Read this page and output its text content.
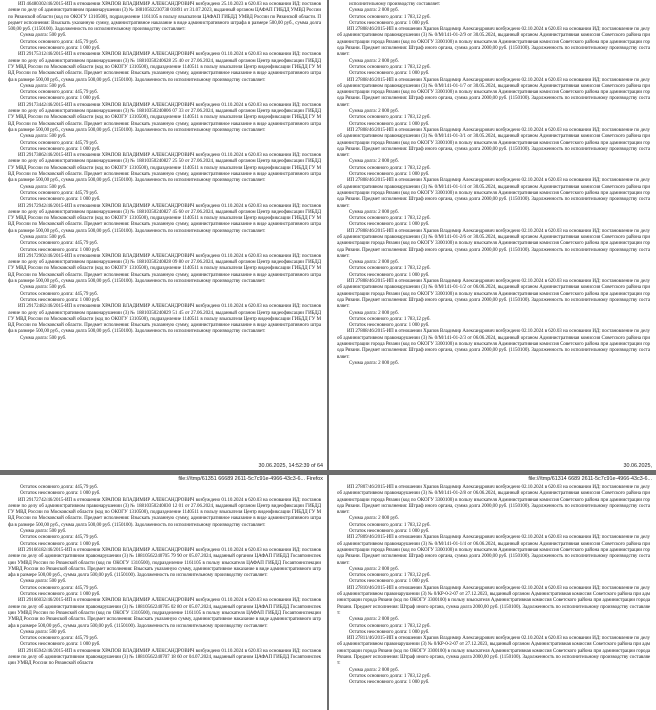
ИП 46480302/46/2015-ИП в отношении ХРАПОВ ВЛАДИМИР АЛЕКСАНДРОВИЧ возбуждено 25.10.2023 в 620.03 на основании ИД: постановление по делу об административном правонарушении (3) № 18810562230738 01891 от 31.07.2023, выданный органом ЦАФАП ГИБДД УМВД России по Рязанской области (код по ОКОГУ 1310500), подразделение 1161105 в пользу взыскателя ЦАФАП ГИБДД УМВД России по Рязанской области. Предмет исполнения: Взыскать указанную сумму, административное наказание в виде административного штрафа в размере 500,00 руб., сумма долга 500,00 руб. (1150100). Задолженность по исполнительному производству составляет:

Сумма долга: 500 руб.

Остаток основного долга: 445,79 руб.

Остаток неосновного долга: 1 000 руб.

ИП 29175312/46/2015-ИП в отношении ХРАПОВ ВЛАДИМИР АЛЕКСАНДРОВИЧ возбуждено 01.10.2024 в 620.03 на основании ИД: постановление по делу об административном правонарушении (3) № 18810350240628 25 40 от 27.06.2024, выданный органом Центр видеофиксации ГИБДД ГУ МВД России по Московской области (код по ОКОГУ 1310500), подразделение 1140511 в пользу взыскателя Центр видеофиксации ГИБДД ГУ МВД России по Московской области. Предмет исполнения: Взыскать указанную сумму, административное наказание в виде административного штрафа в размере 500,00 руб., сумма долга 500,00 руб. (1150100). Задолженность по исполнительному производству составляет:

Сумма долга: 500 руб.

Остаток основного долга: 445,79 руб.

Остаток неосновного долга: 1 000 руб.

ИП 29173442/46/2015-ИП в отношении ХРАПОВ ВЛАДИМИР АЛЕКСАНДРОВИЧ возбуждено 01.10.2024 в 620.03 на основании ИД: постановление по делу об административном правонарушении (3) № 18810350240806 07 33 от 27.06.2024, выданный органом Центр видеофиксации ГИБДД ГУ МВД России по Московской области (код по ОКОГУ 1310500), подразделение 1140511 в пользу взыскателя Центр видеофиксации ГИБДД ГУ МВД России по Московской области. Предмет исполнения: Взыскать указанную сумму, административное наказание в виде административного штрафа в размере 500,00 руб., сумма долга 500,00 руб. (1150100). Задолженность по исполнительному производству составляет:

Сумма долга: 500 руб.

Остаток основного долга: 445,79 руб.

Остаток неосновного долга: 1 000 руб.

ИП 29173862/46/2015-ИП в отношении ХРАПОВ ВЛАДИМИР АЛЕКСАНДРОВИЧ возбуждено 01.10.2024 в 620.03 на основании ИД: постановление по делу об административном правонарушении (3) № 18810350240827 25 50 от 27.06.2024, выданный органом Центр видеофиксации ГИБДД ГУ МВД России по Московской области (код по ОКОГУ 1310500), подразделение 1140511 в пользу взыскателя Центр видеофиксации ГИБДД ГУ МВД России по Московской области. Предмет исполнения: Взыскать указанную сумму, административное наказание в виде административного штрафа в размере 500,00 руб., сумма долга 500,00 руб. (1150100). Задолженность по исполнительному производству составляет:

Сумма долга: 500 руб.

Остаток основного долга: 445,79 руб.

Остаток неосновного долга: 1 000 руб.

ИП 29172942/46/2015-ИП в отношении ХРАПОВ ВЛАДИМИР АЛЕКСАНДРОВИЧ возбуждено 01.10.2024 в 620.03 на основании ИД: постановление по делу об административном правонарушении (3) № 18810350240827 45 60 от 27.06.2024, выданный органом Центр видеофиксации ГИБДД ГУ МВД России по Московской области (код по ОКОГУ 1310500), подразделение 1140511 в пользу взыскателя Центр видеофиксации ГИБДД ГУ МВД России по Московской области. Предмет исполнения: Взыскать указанную сумму, административное наказание в виде административного штрафа в размере 500,00 руб., сумма долга 500,00 руб. (1150100). Задолженность по исполнительному производству составляет:

Сумма долга: 500 руб.

Остаток основного долга: 445,79 руб.

Остаток неосновного долга: 1 000 руб.

ИП 29172902/46/2015-ИП в отношении ХРАПОВ ВЛАДИМИР АЛЕКСАНДРОВИЧ возбуждено 01.10.2024 в 620.03 на основании ИД: постановление по делу об административном правонарушении (3) № 18810350240828 09 80 от 27.06.2024, выданный органом Центр видеофиксации ГИБДД ГУ МВД России по Московской области (код по ОКОГУ 1310500), подразделение 1140511 в пользу взыскателя Центр видеофиксации ГИБДД ГУ МВД России по Московской области. Предмет исполнения: Взыскать указанную сумму, административное наказание в виде административного штрафа в размере 500,00 руб., сумма долга 500,00 руб. (1150100). Задолженность по исполнительному производству составляет:

Сумма долга: 500 руб.

Остаток основного долга: 445,79 руб.

Остаток неосновного долга: 1 000 руб.

ИП 29172482/46/2015-ИП в отношении ХРАПОВ ВЛАДИМИР АЛЕКСАНДРОВИЧ возбуждено 01.10.2024 в 620.03 на основании ИД: постановление по делу об административном правонарушении (3) № 18810350240829 51 45 от 27.06.2024, выданный органом Центр видеофиксации ГИБДД ГУ МВД России по Московской области (код по ОКОГУ 1310500), подразделение 1140511 в пользу взыскателя Центр видеофиксации ГИБДД ГУ МВД России по Московской области. Предмет исполнения: Взыскать указанную сумму, административное наказание в виде административного штрафа в размере 500,00 руб., сумма долга 500,00 руб. (1150100). Задолженность по исполнительному производству составляет:

Сумма долга: 500 руб.

30.06.2025, 14:52:39 of 64

исполнительному производству составляет:

Сумма долга: 2 000 руб.

Остаток основного долга: 1 783,12 руб.

Остаток неосновного долга: 1 000 руб.

ИП 27808/46/2015-ИП в отношении Храпов Владимир Александрович возбуждено 02.10.2024 в 620.03 на основании ИД: постановление по делу об административном правонарушении (3) № 0/М/141-01-2/9 от 30.05.2024, выданный органом Административная комиссия Советского района при администрации города Рязани (код по ОКОГУ 3300100) в пользу взыскателя Административная комиссия Советского района при администрации города Рязани. Предмет исполнения: Штраф иного органа, сумма долга 2000,00 руб. (1150100). Задолженность по исполнительному производству составляет:

Сумма долга: 2 000 руб.

Остаток основного долга: 1 783,12 руб.

Остаток неосновного долга: 1 000 руб.

ИП 27808/46/2015-ИП в отношении Храпов Владимир Александрович возбуждено 02.10.2024 в 620.03 на основании ИД: постановление по делу об административном правонарушении (3) № 0/М/141-01-1/7 от 30.05.2024, выданный органом Административная комиссия Советского района при администрации города Рязани (код по ОКОГУ 3300100) в пользу взыскателя Административная комиссия Советского района при администрации города Рязани. Предмет исполнения: Штраф иного органа, сумма долга 2000,00 руб. (1150100). Задолженность по исполнительному производству составляет:

Сумма долга: 2 000 руб.

Остаток основного долга: 1 783,12 руб.

Остаток неосновного долга: 1 000 руб.

ИП 27808/46/2015-ИП в отношении Храпов Владимир Александрович возбуждено 02.10.2024 в 620.03 на основании ИД: постановление по делу об административном правонарушении (3) № 0/М/141-01-3/1 от 30.05.2024, выданный органом Административная комиссия Советского района при администрации города Рязани (код по ОКОГУ 3300100) в пользу взыскателя Административная комиссия Советского района при администрации города Рязани. Предмет исполнения: Штраф иного органа, сумма долга 2000,00 руб. (1150100). Задолженность по исполнительному производству составляет:

Сумма долга: 2 000 руб.

Остаток основного долга: 1 783,12 руб.

Остаток неосновного долга: 1 000 руб.

ИП 27808/46/2015-ИП в отношении Храпов Владимир Александрович возбуждено 02.10.2024 в 620.03 на основании ИД: постановление по делу об административном правонарушении (3) № 0/М/141-01-1/4 от 30.05.2024, выданный органом Административная комиссия Советского района при администрации города Рязани (код по ОКОГУ 3300100) в пользу взыскателя Административная комиссия Советского района при администрации города Рязани. Предмет исполнения: Штраф иного органа, сумма долга 2000,00 руб. (1150100). Задолженность по исполнительному производству составляет:

Сумма долга: 2 000 руб.

Остаток основного долга: 1 783,12 руб.

Остаток неосновного долга: 1 000 руб.

ИП 27808/46/2015-ИП в отношении Храпов Владимир Александрович возбуждено 02.10.2024 в 620.03 на основании ИД: постановление по делу об административном правонарушении (3) № 0/М/141-01-2/6 от 30.05.2024, выданный органом Административная комиссия Советского района при администрации города Рязани (код по ОКОГУ 3300100) в пользу взыскателя Административная комиссия Советского района при администрации города Рязани. Предмет исполнения: Штраф иного органа, сумма долга 2000,00 руб. (1150100). Задолженность по исполнительному производству составляет:

Сумма долга: 2 000 руб.

Остаток основного долга: 1 783,12 руб.

Остаток неосновного долга: 1 000 руб.

ИП 27808/46/2015-ИП в отношении Храпов Владимир Александрович возбуждено 02.10.2024 в 620.03 на основании ИД: постановление по делу об административном правонарушении (3) № 0/М/141-01-1/2 от 06.06.2024, выданный органом Административная комиссия Советского района при администрации города Рязани (код по ОКОГУ 3300100) в пользу взыскателя Административная комиссия Советского района при администрации города Рязани. Предмет исполнения: Штраф иного органа, сумма долга 2000,00 руб. (1150100). Задолженность по исполнительному производству составляет:

Сумма долга: 2 000 руб.

Остаток основного долга: 1 783,12 руб.

Остаток неосновного долга: 1 000 руб.

ИП 27808/46/2015-ИП в отношении Храпов Владимир Александрович возбуждено 02.10.2024 в 620.03 на основании ИД: постановление по делу об административном правонарушении (3) № 0/М/141-01-2/3 от 06.06.2024, выданный органом Административная комиссия Советского района при администрации города Рязани (код по ОКОГУ 3300100) в пользу взыскателя Административная комиссия Советского района при администрации города Рязани. Предмет исполнения: Штраф иного органа, сумма долга 2000,00 руб. (1150100). Задолженность по исполнительному производству составляет:

Сумма долга: 2 000 руб.

30.06.2025,
file:///tmp/61351 66689 2611-5c7c91e-4966-43c3-6... Firefox

Остаток основного долга: 445,79 руб.

Остаток неосновного долга: 1 000 руб.

ИП 29172742/46/2015-ИП в отношении ХРАПОВ ВЛАДИМИР АЛЕКСАНДРОВИЧ возбуждено 01.10.2024 в 620.03 на основании ИД: постановление по делу об административном правонарушении (3) № 18810350240830 12 01 от 27.06.2024, выданный органом Центр видеофиксации ГИБДД ГУ МВД России по Московской области (код по ОКОГУ 1310500), подразделение 1140511 в пользу взыскателя Центр видеофиксации ГИБДД ГУ МВД России по Московской области. Предмет исполнения: Взыскать указанную сумму, административное наказание в виде административного штрафа в размере 500,00 руб., сумма долга 500,00 руб. (1150100). Задолженность по исполнительному производству составляет:

Сумма долга: 500 руб.

Остаток основного долга: 445,79 руб.

Остаток неосновного долга: 1 000 руб.

ИП 29166182/46/2015-ИП в отношении ХРАПОВ ВЛАДИМИР АЛЕКСАНДРОВИЧ возбуждено 01.10.2024 в 620.03 на основании ИД: постановление по делу об административном правонарушении (3) № 18810562240705 79 90 от 05.07.2024, выданный органом ЦАФАП ГИБДД Госавтоинспекции УМВД России по Рязанской области (код по ОКОГУ 1310500), подразделение 1161105 в пользу взыскателя ЦАФАП ГИБДД Госавтоинспекции УМВД России по Рязанской области. Предмет исполнения: Взыскать указанную сумму, административное наказание в виде административного штрафа в размере 500,00 руб., сумма долга 500,00 руб. (1150100). Задолженность по исполнительному производству составляет:

Сумма долга: 500 руб.

Остаток основного долга: 445,79 руб.

Остаток неосновного долга: 1 000 руб.

ИП 29166032/46/2015-ИП в отношении ХРАПОВ ВЛАДИМИР АЛЕКСАНДРОВИЧ возбуждено 01.10.2024 в 620.03 на основании ИД: постановление по делу об административном правонарушении (3) № 18810562240705 02 80 от 05.07.2024, выданный органом ЦАФАП ГИБДД Госавтоинспекции УМВД России по Рязанской области (код по ОКОГУ 1310500), подразделение 1161105 в пользу взыскателя ЦАФАП ГИБДД Госавтоинспекции УМВД России по Рязанской области. Предмет исполнения: Взыскать указанную сумму, административное наказание в виде административного штрафа в размере 500,00 руб., сумма долга 500,00 руб. (1150100). Задолженность по исполнительному производству составляет:

Сумма долга: 500 руб.

Остаток основного долга: 445,79 руб.

Остаток неосновного долга: 1 000 руб.

ИП 29165942/46/2015-ИП в отношении ХРАПОВ ВЛАДИМИР АЛЕКСАНДРОВИЧ возбуждено 01.10.2024 в 620.03 на основании ИД: постановление по делу об административном правонарушении (3) № 18810562240707 18 60 от 04.07.2024, выданный органом ЦАФАП ГИБДД Госавтоинспекции УМВД России по Рязанской области

file:///tmp/61314 6689 2611-5c7c91e-4966-43c3-6...

ИП 27807/46/2015-ИП в отношении Храпов Владимир Александрович возбуждено 02.10.2024 в 620.03 на основании ИД: постановление по делу об административном правонарушении (3) № 0/М/141-01-2/8 от 06.06.2024, выданный органом Административная комиссия Советского района при администрации города Рязани (код по ОКОГУ 3300100) в пользу взыскателя Административная комиссия Советского района при администрации города Рязани. Предмет исполнения: Штраф иного органа, сумма долга 2000,00 руб. (1150100). Задолженность по исполнительному производству составляет:

Сумма долга: 2 000 руб.

Остаток основного долга: 1 783,12 руб.

Остаток неосновного долга: 1 000 руб.

ИП 27809/46/2015-ИП в отношении Храпов Владимир Александрович возбуждено 02.10.2024 в 620.03 на основании ИД: постановление по делу об административном правонарушении (3) № 0/М/141-01-1/4 от 06.06.2024, выданный органом Административная комиссия Советского района при администрации города Рязани (код по ОКОГУ 3300100) в пользу взыскателя Административная комиссия Советского района при администрации города Рязани. Предмет исполнения: Штраф иного органа, сумма долга 2000,00 руб. (1150100). Задолженность по исполнительному производству составляет:

Сумма долга: 2 000 руб.

Остаток основного долга: 1 783,12 руб.

Остаток неосновного долга: 1 000 руб.

ИП 27810/46/2015-ИП в отношении Храпов Владимир Александрович возбуждено 02.10.2024 в 620.03 на основании ИД: постановление по делу об административном правонарушении (3) № 0/КР-0-2-07 от 27.12.2023, выданный органом Административная комиссия Советского района при администрации города Рязани (код по ОКОГУ 3300100) в пользу взыскателя Административная комиссия Советского района при администрации города Рязани. Предмет исполнения: Штраф иного органа, сумма долга 2000,00 руб. (1150100). Задолженность по исполнительному производству составляет:

Сумма долга: 2 000 руб.

Остаток основного долга: 1 783,12 руб.

Остаток неосновного долга: 1 000 руб.

ИП 27811/46/2015-ИП в отношении Храпов Владимир Александрович возбуждено 02.10.2024 в 620.03 на основании ИД: постановление по делу об административном правонарушении (3) № 0/КР-0-2-07 от 27.12.2023, выданный органом Административная комиссия Советского района при администрации города Рязани (код по ОКОГУ 3300100) в пользу взыскателя Административная комиссия Советского района при администрации города Рязани. Предмет исполнения: Штраф иного органа, сумма долга 2000,00 руб. (1150100). Задолженность по исполнительному производству составляет:

Сумма долга: 2 000 руб.

Остаток основного долга: 1 783,12 руб.

Остаток неосновного долга: 1 000 руб.
